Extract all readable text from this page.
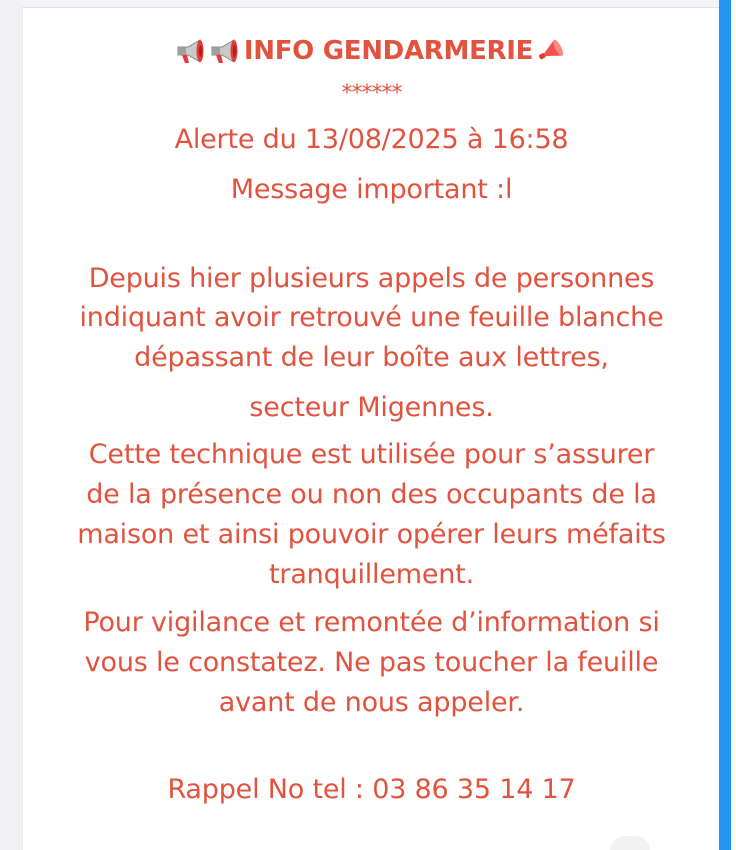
INFO GENDARMERIE
******
Alerte du 13/08/2025 à 16:58
Message important :l
Depuis hier plusieurs appels de personnes
indiquant avoir retrouvé une feuille blanche
dépassant de leur boîte aux lettres,
secteur Migennes.
Cette technique est utilisée pour s’assurer
de la présence ou non des occupants de la
maison et ainsi pouvoir opérer leurs méfaits
tranquillement.
Pour vigilance et remontée d’information si
vous le constatez. Ne pas toucher la feuille
avant de nous appeler.
Rappel No tel : 03 86 35 14 17
